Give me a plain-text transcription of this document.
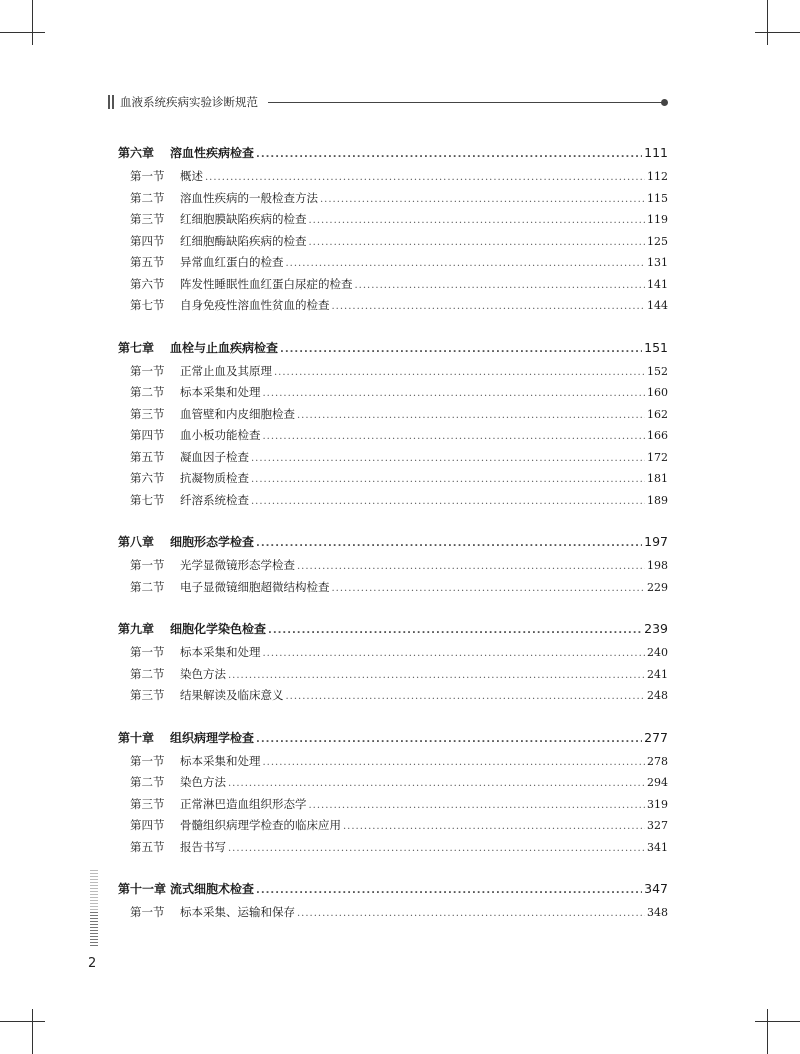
血液系统疾病实验诊断规范
第六章	溶血性疾病检查 .....	111
第一节	概述 .....	112
第二节	溶血性疾病的一般检查方法 .....	115
第三节	红细胞膜缺陷疾病的检查 .....	119
第四节	红细胞酶缺陷疾病的检查 .....	125
第五节	异常血红蛋白的检查 .....	131
第六节	阵发性睡眠性血红蛋白尿症的检查 .....	141
第七节	自身免疫性溶血性贫血的检查 .....	144
第七章	血栓与止血疾病检查 .....	151
第一节	正常止血及其原理 .....	152
第二节	标本采集和处理 .....	160
第三节	血管壁和内皮细胞检查 .....	162
第四节	血小板功能检查 .....	166
第五节	凝血因子检查 .....	172
第六节	抗凝物质检查 .....	181
第七节	纤溶系统检查 .....	189
第八章	细胞形态学检查 .....	197
第一节	光学显微镜形态学检查 .....	198
第二节	电子显微镜细胞超微结构检查 .....	229
第九章	细胞化学染色检查 .....	239
第一节	标本采集和处理 .....	240
第二节	染色方法 .....	241
第三节	结果解读及临床意义 .....	248
第十章	组织病理学检查 .....	277
第一节	标本采集和处理 .....	278
第二节	染色方法 .....	294
第三节	正常淋巴造血组织形态学 .....	319
第四节	骨髓组织病理学检查的临床应用 .....	327
第五节	报告书写 .....	341
第十一章 流式细胞术检查 .....	347
第一节	标本采集、运输和保存 .....	348
2
